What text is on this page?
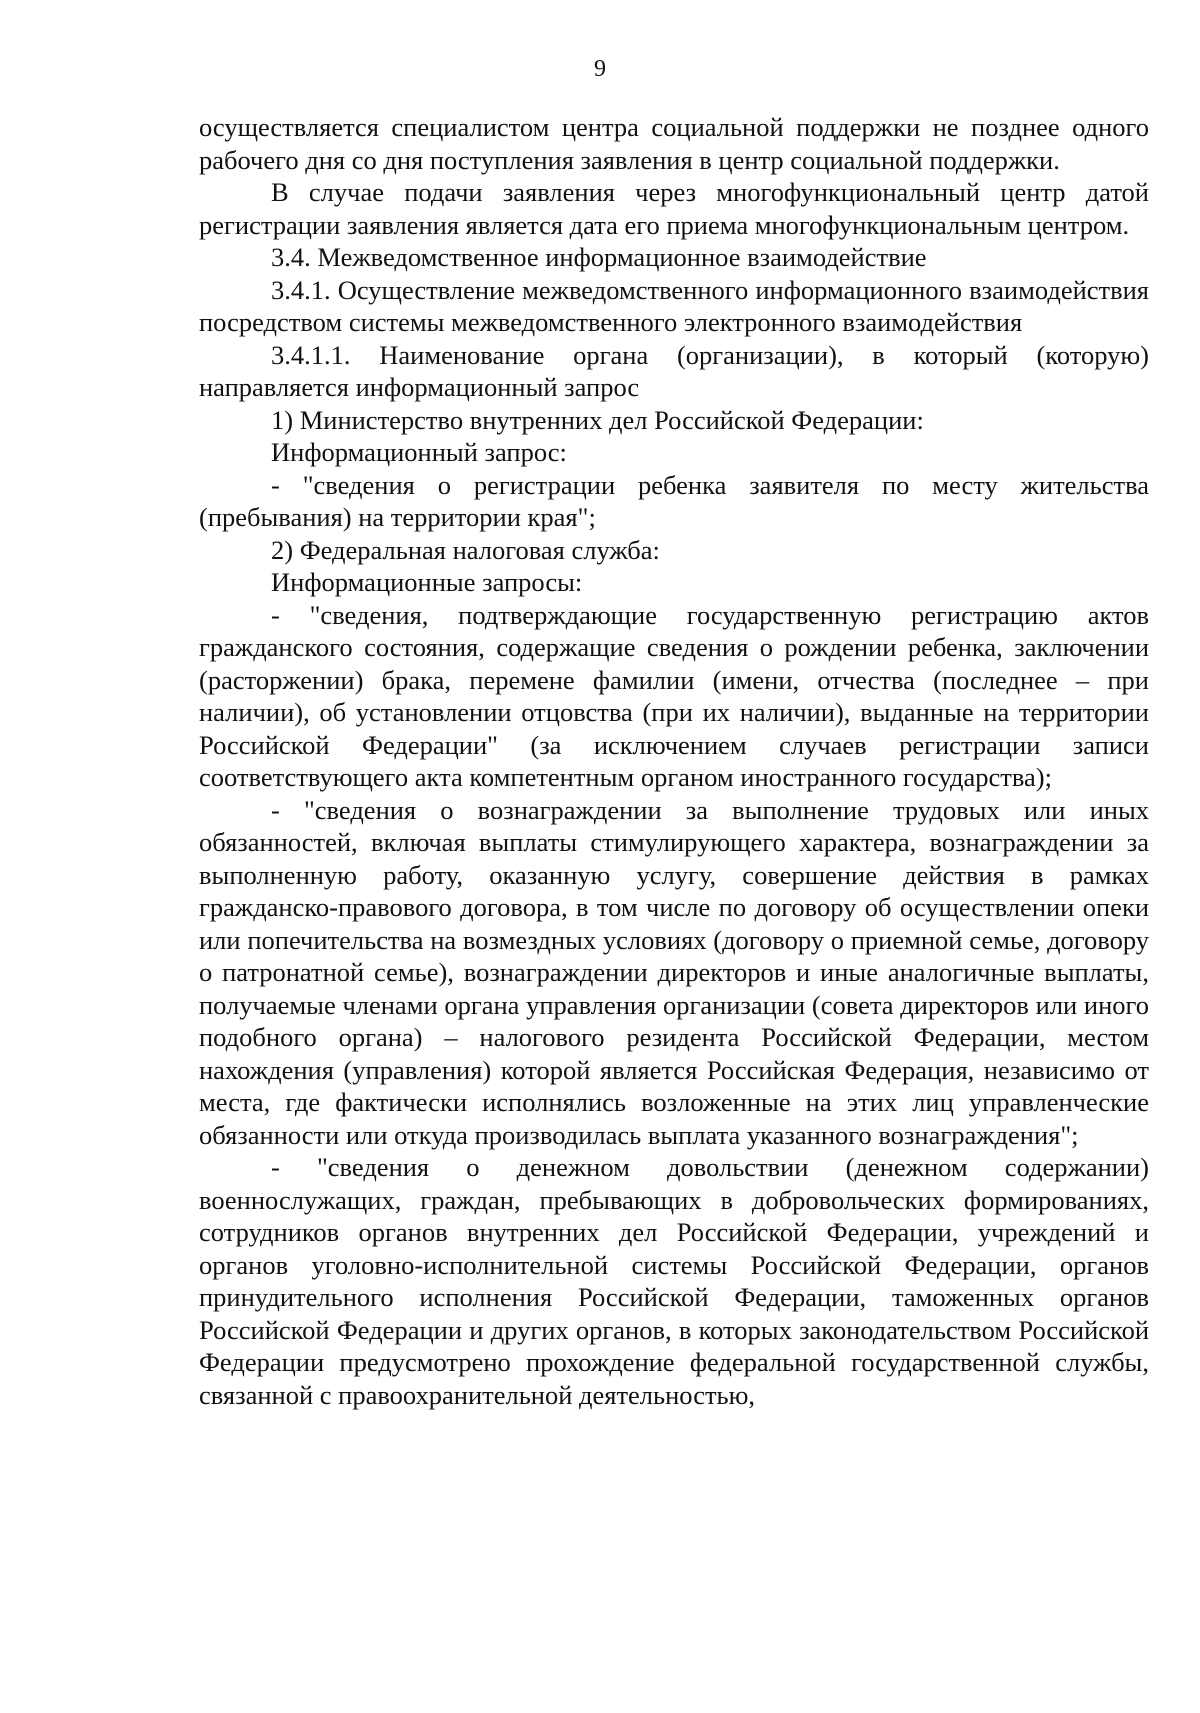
9

осуществляется специалистом центра социальной поддержки не позднее одного рабочего дня со дня поступления заявления в центр социальной поддержки.

В случае подачи заявления через многофункциональный центр датой регистрации заявления является дата его приема многофункциональным центром.

3.4. Межведомственное информационное взаимодействие

3.4.1. Осуществление межведомственного информационного взаимодействия посредством системы межведомственного электронного взаимодействия

3.4.1.1. Наименование органа (организации), в который (которую) направляется информационный запрос

1) Министерство внутренних дел Российской Федерации:

Информационный запрос:

- "сведения о регистрации ребенка заявителя по месту жительства (пребывания) на территории края";

2) Федеральная налоговая служба:

Информационные запросы:

- "сведения, подтверждающие государственную регистрацию актов гражданского состояния, содержащие сведения о рождении ребенка, заключении (расторжении) брака, перемене фамилии (имени, отчества (последнее – при наличии), об установлении отцовства (при их наличии), выданные на территории Российской Федерации" (за исключением случаев регистрации записи соответствующего акта компетентным органом иностранного государства);

- "сведения о вознаграждении за выполнение трудовых или иных обязанностей, включая выплаты стимулирующего характера, вознаграждении за выполненную работу, оказанную услугу, совершение действия в рамках гражданско-правового договора, в том числе по договору об осуществлении опеки или попечительства на возмездных условиях (договору о приемной семье, договору о патронатной семье), вознаграждении директоров и иные аналогичные выплаты, получаемые членами органа управления организации (совета директоров или иного подобного органа) – налогового резидента Российской Федерации, местом нахождения (управления) которой является Российская Федерация, независимо от места, где фактически исполнялись возложенные на этих лиц управленческие обязанности или откуда производилась выплата указанного вознаграждения";

- "сведения о денежном довольствии (денежном содержании) военнослужащих, граждан, пребывающих в добровольческих формированиях, сотрудников органов внутренних дел Российской Федерации, учреждений и органов уголовно-исполнительной системы Российской Федерации, органов принудительного исполнения Российской Федерации, таможенных органов Российской Федерации и других органов, в которых законодательством Российской Федерации предусмотрено прохождение федеральной государственной службы, связанной с правоохранительной деятельностью,
